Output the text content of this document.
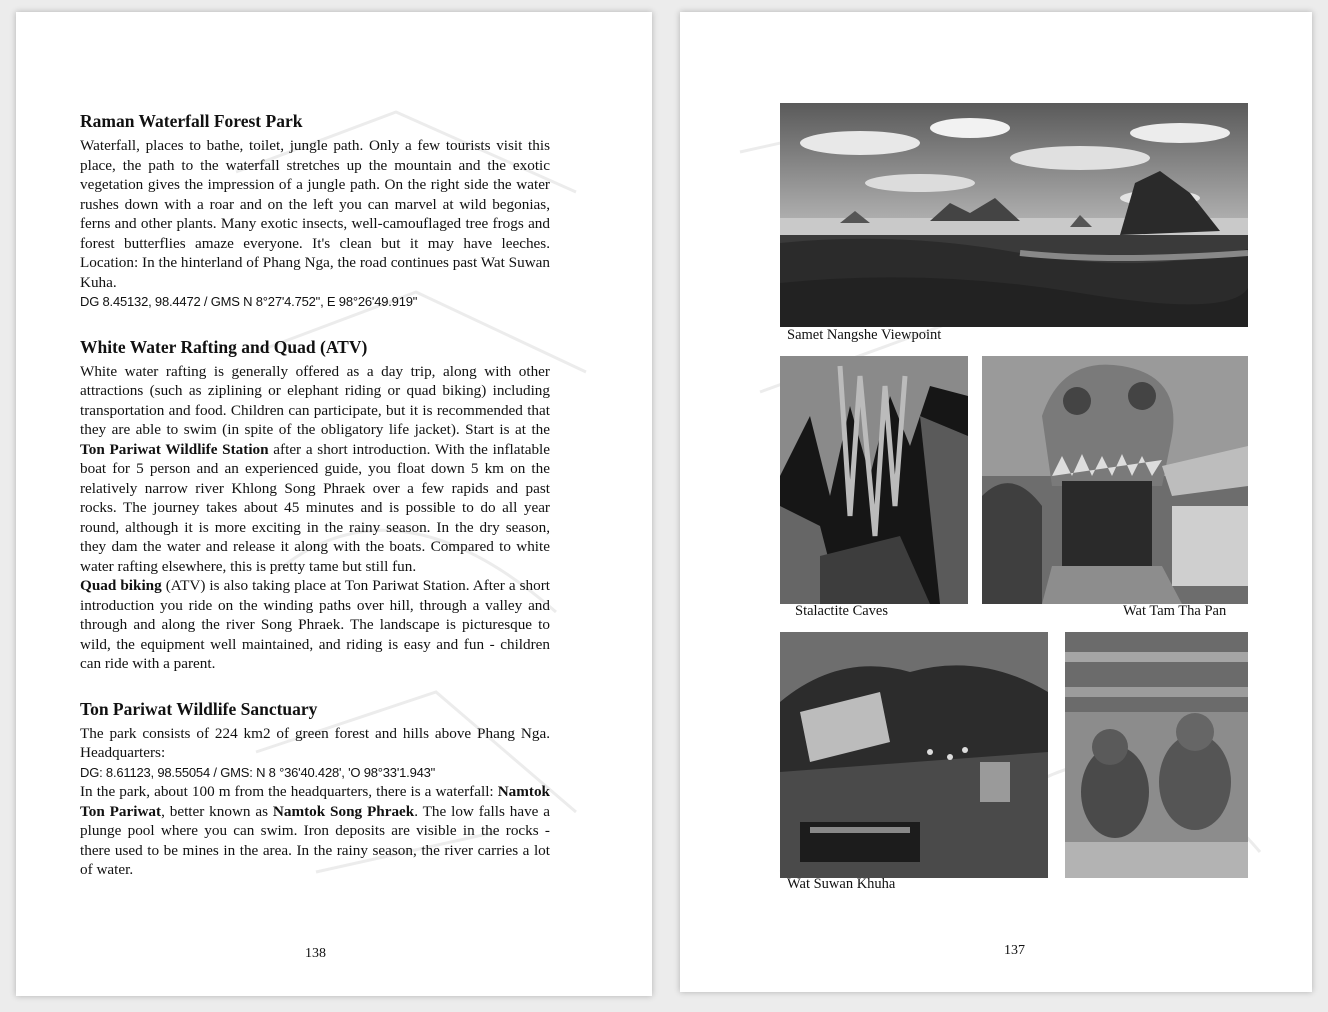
Raman Waterfall Forest Park

Waterfall, places to bathe, toilet, jungle path. Only a few tourists visit this place, the path to the waterfall stretches up the mountain and the exotic vegetation gives the impression of a jungle path. On the right side the water rushes down with a roar and on the left you can marvel at wild begonias, ferns and other plants. Many exotic insects, well-camouflaged tree frogs and forest butterflies amaze everyone. It's clean but it may have leeches. Location: In the hinterland of Phang Nga, the road continues past Wat Suwan Kuha.

DG 8.45132, 98.4472 / GMS N 8°27'4.752", E 98°26'49.919"

White Water Rafting and Quad (ATV)

White water rafting is generally offered as a day trip, along with other attractions (such as ziplining or elephant riding or quad biking) including transportation and food. Children can participate, but it is recommended that they are able to swim (in spite of the obligatory life jacket). Start is at the Ton Pariwat Wildlife Station after a short introduction. With the inflatable boat for 5 person and an experienced guide, you float down 5 km on the relatively narrow river Khlong Song Phraek over a few rapids and past rocks. The journey takes about 45 minutes and is possible to do all year round, although it is more exciting in the rainy season. In the dry season, they dam the water and release it along with the boats. Compared to white water rafting elsewhere, this is pretty tame but still fun.

Quad biking (ATV) is also taking place at Ton Pariwat Station. After a short introduction you ride on the winding paths over hill, through a valley and through and along the river Song Phraek. The landscape is picturesque to wild, the equipment well maintained, and riding is easy and fun - children can ride with a parent.

Ton Pariwat Wildlife Sanctuary

The park consists of 224 km2 of green forest and hills above Phang Nga. Headquarters:

DG: 8.61123, 98.55054 / GMS: N 8 °36'40.428', 'O 98°33'1.943"

In the park, about 100 m from the headquarters, there is a waterfall: Namtok Ton Pariwat, better known as Namtok Song Phraek. The low falls have a plunge pool where you can swim. Iron deposits are visible in the rocks - there used to be mines in the area. In the rainy season, the river carries a lot of water.

138
Samet Nangshe Viewpoint
Stalactite Caves	Wat Tam Tha Pan
Wat Suwan Khuha
137
